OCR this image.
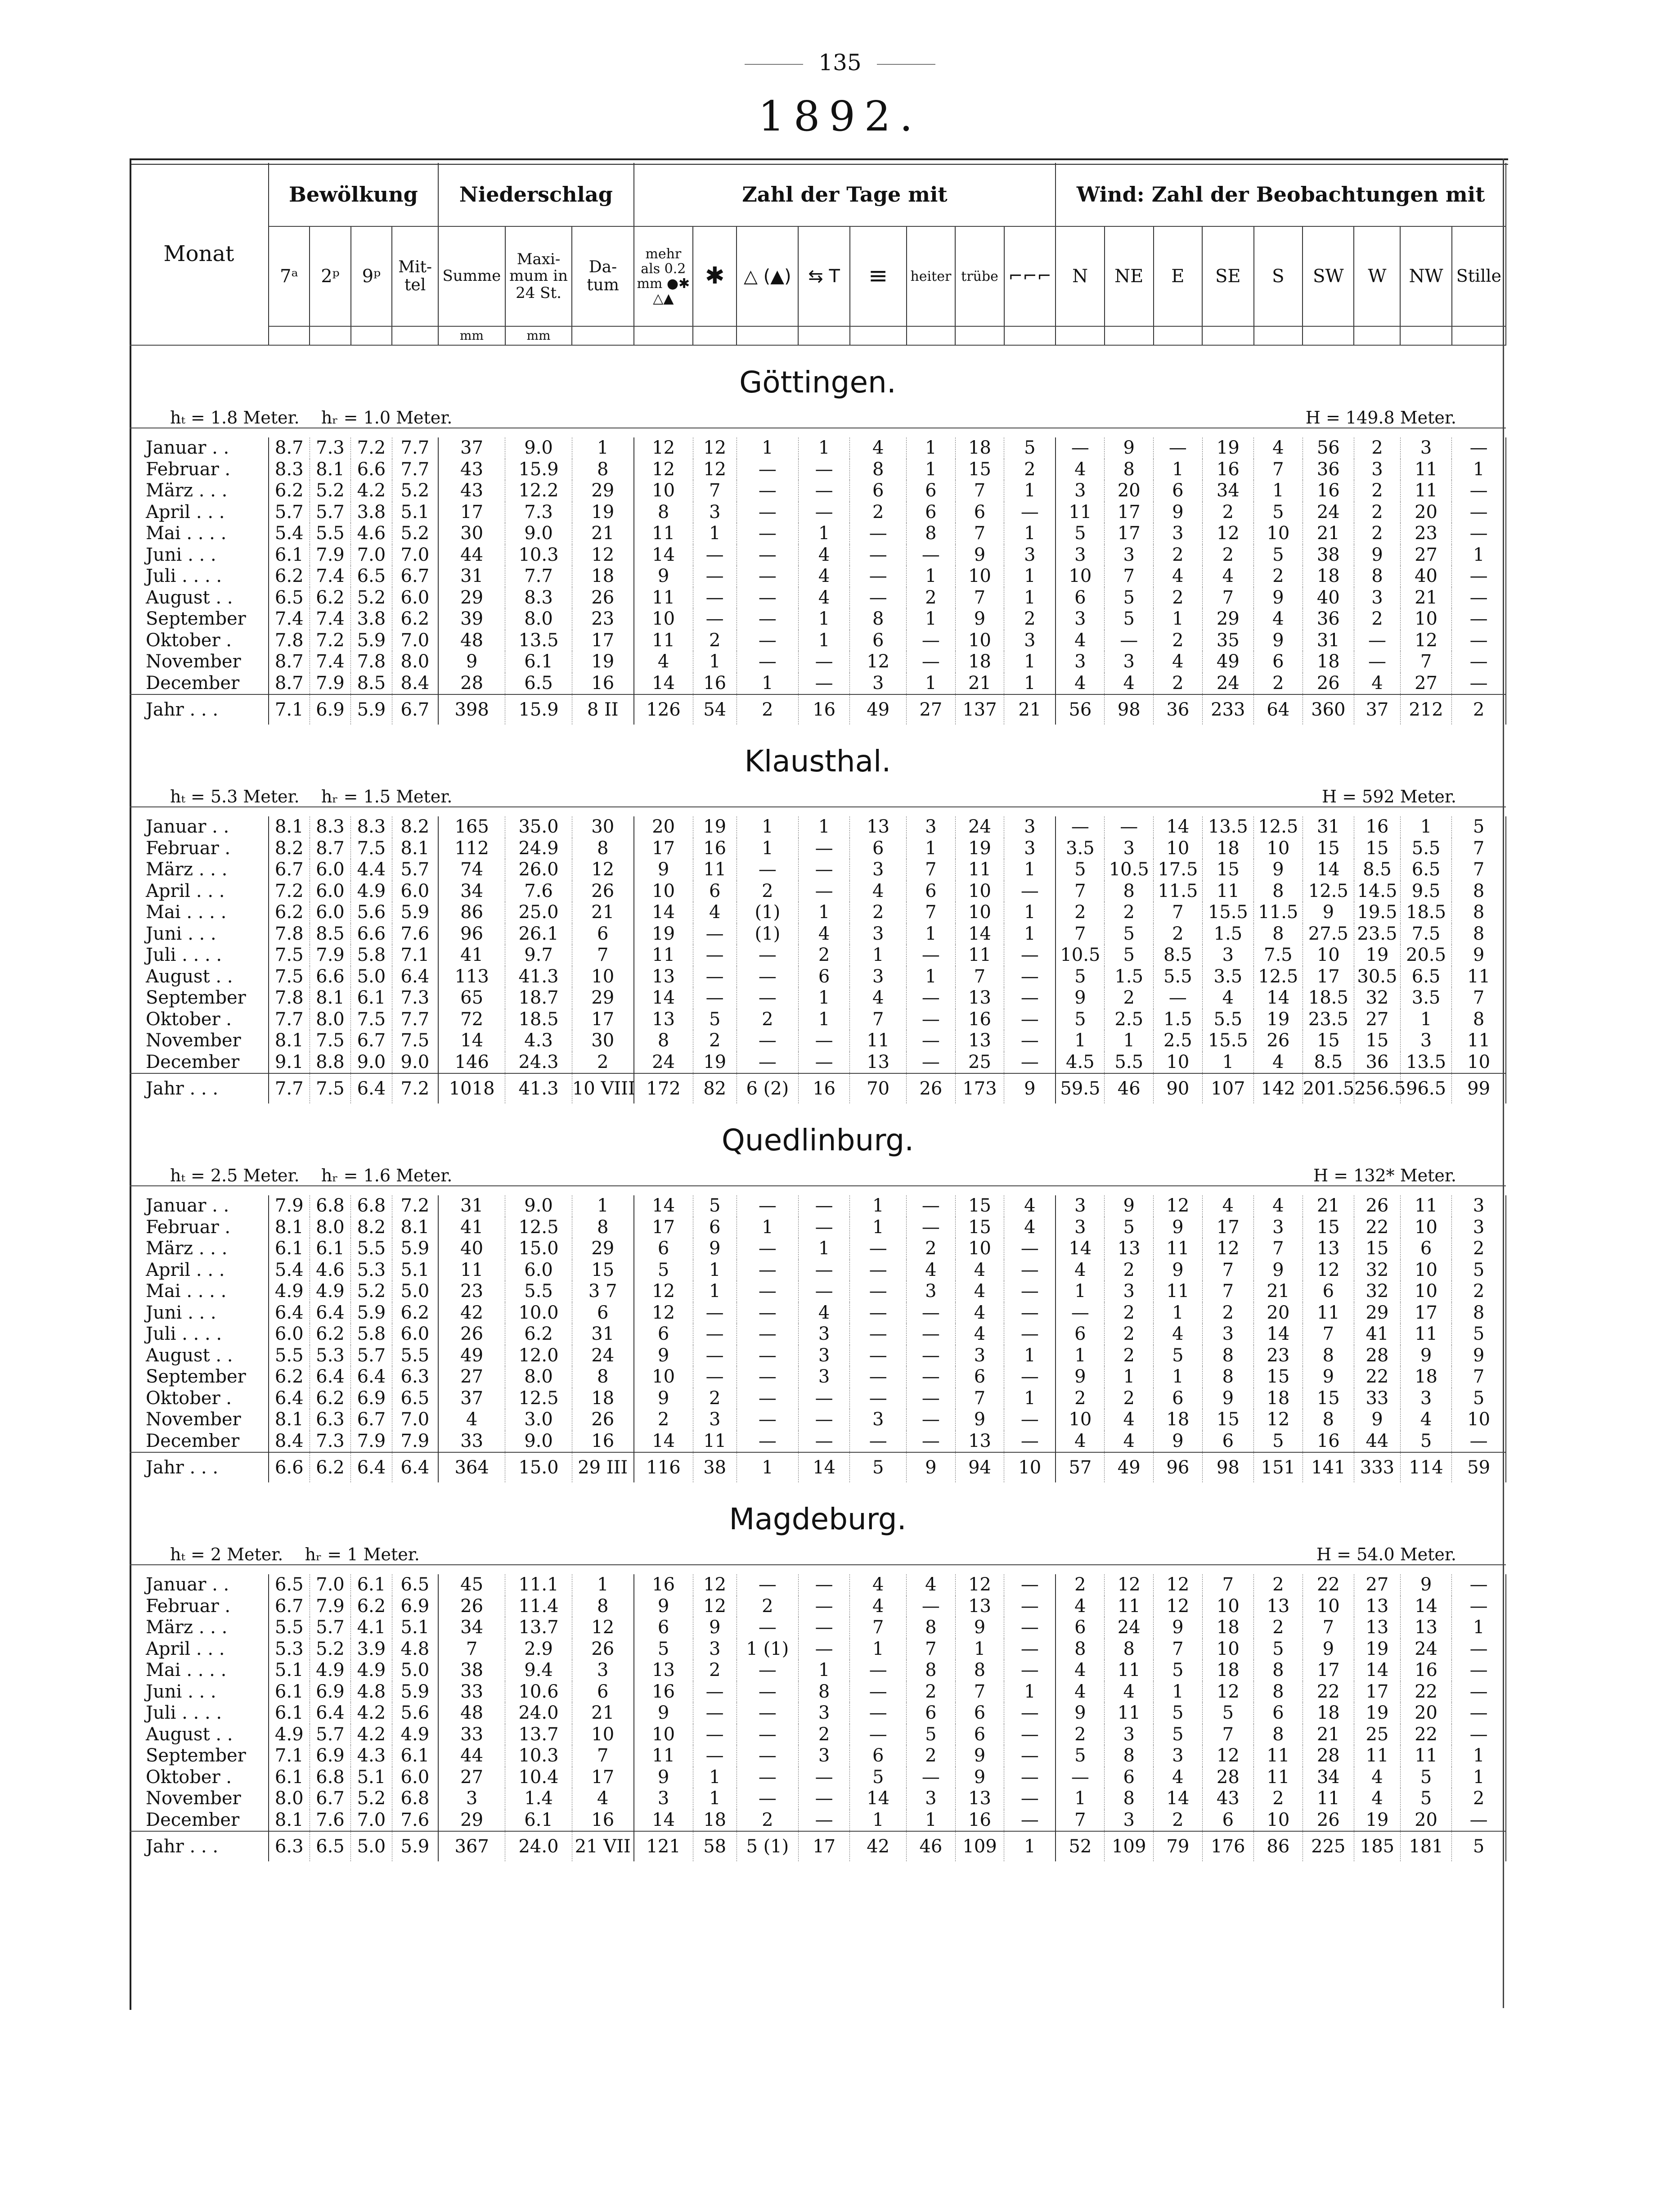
135
1892.
Monat	Bewölkung				Niederschlag			Zahl der Tage mit								Wind: Zahl der Beobachtungen mit								
	7ᵃ	2ᵖ	9ᵖ	Mit- tel	Summe	Maxi- mum in 24 St.	Da- tum	mehr als 0.2 mm ●✱ △▲	✱	△ (▲)	⇆ T	≡	heiter	trübe	⌐⌐⌐	N	NE	E	SE	S	SW	W	NW	Stille
					mm	mm																		
Göttingen.																								
hₜ = 1.8 Meter. hᵣ = 1.0 Meter.								H = 149.8 Meter.																

Januar . .	8.7	7.3	7.2	7.7	37	9.0	1	12	12	1	1	4	1	18	5	—	9	—	19	4	56	2	3	—
Februar .	8.3	8.1	6.6	7.7	43	15.9	8	12	12	—	—	8	1	15	2	4	8	1	16	7	36	3	11	1
März . . .	6.2	5.2	4.2	5.2	43	12.2	29	10	7	—	—	6	6	7	1	3	20	6	34	1	16	2	11	—
April . . .	5.7	5.7	3.8	5.1	17	7.3	19	8	3	—	—	2	6	6	—	11	17	9	2	5	24	2	20	—
Mai . . . .	5.4	5.5	4.6	5.2	30	9.0	21	11	1	—	1	—	8	7	1	5	17	3	12	10	21	2	23	—
Juni . . .	6.1	7.9	7.0	7.0	44	10.3	12	14	—	—	4	—	—	9	3	3	3	2	2	5	38	9	27	1
Juli . . . .	6.2	7.4	6.5	6.7	31	7.7	18	9	—	—	4	—	1	10	1	10	7	4	4	2	18	8	40	—
August . .	6.5	6.2	5.2	6.0	29	8.3	26	11	—	—	4	—	2	7	1	6	5	2	7	9	40	3	21	—
September	7.4	7.4	3.8	6.2	39	8.0	23	10	—	—	1	8	1	9	2	3	5	1	29	4	36	2	10	—
Oktober .	7.8	7.2	5.9	7.0	48	13.5	17	11	2	—	1	6	—	10	3	4	—	2	35	9	31	—	12	—
November	8.7	7.4	7.8	8.0	9	6.1	19	4	1	—	—	12	—	18	1	3	3	4	49	6	18	—	7	—
December	8.7	7.9	8.5	8.4	28	6.5	16	14	16	1	—	3	1	21	1	4	4	2	24	2	26	4	27	—
Jahr . . .	7.1	6.9	5.9	6.7	398	15.9	8 II	126	54	2	16	49	27	137	21	56	98	36	233	64	360	37	212	2
Klausthal.																								
hₜ = 5.3 Meter. hᵣ = 1.5 Meter.								H = 592 Meter.																

Januar . .	8.1	8.3	8.3	8.2	165	35.0	30	20	19	1	1	13	3	24	3	—	—	14	13.5	12.5	31	16	1	5
Februar .	8.2	8.7	7.5	8.1	112	24.9	8	17	16	1	—	6	1	19	3	3.5	3	10	18	10	15	15	5.5	7
März . . .	6.7	6.0	4.4	5.7	74	26.0	12	9	11	—	—	3	7	11	1	5	10.5	17.5	15	9	14	8.5	6.5	7
April . . .	7.2	6.0	4.9	6.0	34	7.6	26	10	6	2	—	4	6	10	—	7	8	11.5	11	8	12.5	14.5	9.5	8
Mai . . . .	6.2	6.0	5.6	5.9	86	25.0	21	14	4	(1)	1	2	7	10	1	2	2	7	15.5	11.5	9	19.5	18.5	8
Juni . . .	7.8	8.5	6.6	7.6	96	26.1	6	19	—	(1)	4	3	1	14	1	7	5	2	1.5	8	27.5	23.5	7.5	8
Juli . . . .	7.5	7.9	5.8	7.1	41	9.7	7	11	—	—	2	1	—	11	—	10.5	5	8.5	3	7.5	10	19	20.5	9
August . .	7.5	6.6	5.0	6.4	113	41.3	10	13	—	—	6	3	1	7	—	5	1.5	5.5	3.5	12.5	17	30.5	6.5	11
September	7.8	8.1	6.1	7.3	65	18.7	29	14	—	—	1	4	—	13	—	9	2	—	4	14	18.5	32	3.5	7
Oktober .	7.7	8.0	7.5	7.7	72	18.5	17	13	5	2	1	7	—	16	—	5	2.5	1.5	5.5	19	23.5	27	1	8
November	8.1	7.5	6.7	7.5	14	4.3	30	8	2	—	—	11	—	13	—	1	1	2.5	15.5	26	15	15	3	11
December	9.1	8.8	9.0	9.0	146	24.3	2	24	19	—	—	13	—	25	—	4.5	5.5	10	1	4	8.5	36	13.5	10
Jahr . . .	7.7	7.5	6.4	7.2	1018	41.3	10 VIII	172	82	6 (2)	16	70	26	173	9	59.5	46	90	107	142	201.5	256.5	96.5	99
Quedlinburg.																								
hₜ = 2.5 Meter. hᵣ = 1.6 Meter.								H = 132* Meter.																

Januar . .	7.9	6.8	6.8	7.2	31	9.0	1	14	5	—	—	1	—	15	4	3	9	12	4	4	21	26	11	3
Februar .	8.1	8.0	8.2	8.1	41	12.5	8	17	6	1	—	1	—	15	4	3	5	9	17	3	15	22	10	3
März . . .	6.1	6.1	5.5	5.9	40	15.0	29	6	9	—	1	—	2	10	—	14	13	11	12	7	13	15	6	2
April . . .	5.4	4.6	5.3	5.1	11	6.0	15	5	1	—	—	—	4	4	—	4	2	9	7	9	12	32	10	5
Mai . . . .	4.9	4.9	5.2	5.0	23	5.5	3 7	12	1	—	—	—	3	4	—	1	3	11	7	21	6	32	10	2
Juni . . .	6.4	6.4	5.9	6.2	42	10.0	6	12	—	—	4	—	—	4	—	—	2	1	2	20	11	29	17	8
Juli . . . .	6.0	6.2	5.8	6.0	26	6.2	31	6	—	—	3	—	—	4	—	6	2	4	3	14	7	41	11	5
August . .	5.5	5.3	5.7	5.5	49	12.0	24	9	—	—	3	—	—	3	1	1	2	5	8	23	8	28	9	9
September	6.2	6.4	6.4	6.3	27	8.0	8	10	—	—	3	—	—	6	—	9	1	1	8	15	9	22	18	7
Oktober .	6.4	6.2	6.9	6.5	37	12.5	18	9	2	—	—	—	—	7	1	2	2	6	9	18	15	33	3	5
November	8.1	6.3	6.7	7.0	4	3.0	26	2	3	—	—	3	—	9	—	10	4	18	15	12	8	9	4	10
December	8.4	7.3	7.9	7.9	33	9.0	16	14	11	—	—	—	—	13	—	4	4	9	6	5	16	44	5	—
Jahr . . .	6.6	6.2	6.4	6.4	364	15.0	29 III	116	38	1	14	5	9	94	10	57	49	96	98	151	141	333	114	59
Magdeburg.																								
hₜ = 2 Meter. hᵣ = 1 Meter.								H = 54.0 Meter.																

Januar . .	6.5	7.0	6.1	6.5	45	11.1	1	16	12	—	—	4	4	12	—	2	12	12	7	2	22	27	9	—
Februar .	6.7	7.9	6.2	6.9	26	11.4	8	9	12	2	—	4	—	13	—	4	11	12	10	13	10	13	14	—
März . . .	5.5	5.7	4.1	5.1	34	13.7	12	6	9	—	—	7	8	9	—	6	24	9	18	2	7	13	13	1
April . . .	5.3	5.2	3.9	4.8	7	2.9	26	5	3	1 (1)	—	1	7	1	—	8	8	7	10	5	9	19	24	—
Mai . . . .	5.1	4.9	4.9	5.0	38	9.4	3	13	2	—	1	—	8	8	—	4	11	5	18	8	17	14	16	—
Juni . . .	6.1	6.9	4.8	5.9	33	10.6	6	16	—	—	8	—	2	7	1	4	4	1	12	8	22	17	22	—
Juli . . . .	6.1	6.4	4.2	5.6	48	24.0	21	9	—	—	3	—	6	6	—	9	11	5	5	6	18	19	20	—
August . .	4.9	5.7	4.2	4.9	33	13.7	10	10	—	—	2	—	5	6	—	2	3	5	7	8	21	25	22	—
September	7.1	6.9	4.3	6.1	44	10.3	7	11	—	—	3	6	2	9	—	5	8	3	12	11	28	11	11	1
Oktober .	6.1	6.8	5.1	6.0	27	10.4	17	9	1	—	—	5	—	9	—	—	6	4	28	11	34	4	5	1
November	8.0	6.7	5.2	6.8	3	1.4	4	3	1	—	—	14	3	13	—	1	8	14	43	2	11	4	5	2
December	8.1	7.6	7.0	7.6	29	6.1	16	14	18	2	—	1	1	16	—	7	3	2	6	10	26	19	20	—
Jahr . . .	6.3	6.5	5.0	5.9	367	24.0	21 VII	121	58	5 (1)	17	42	46	109	1	52	109	79	176	86	225	185	181	5
